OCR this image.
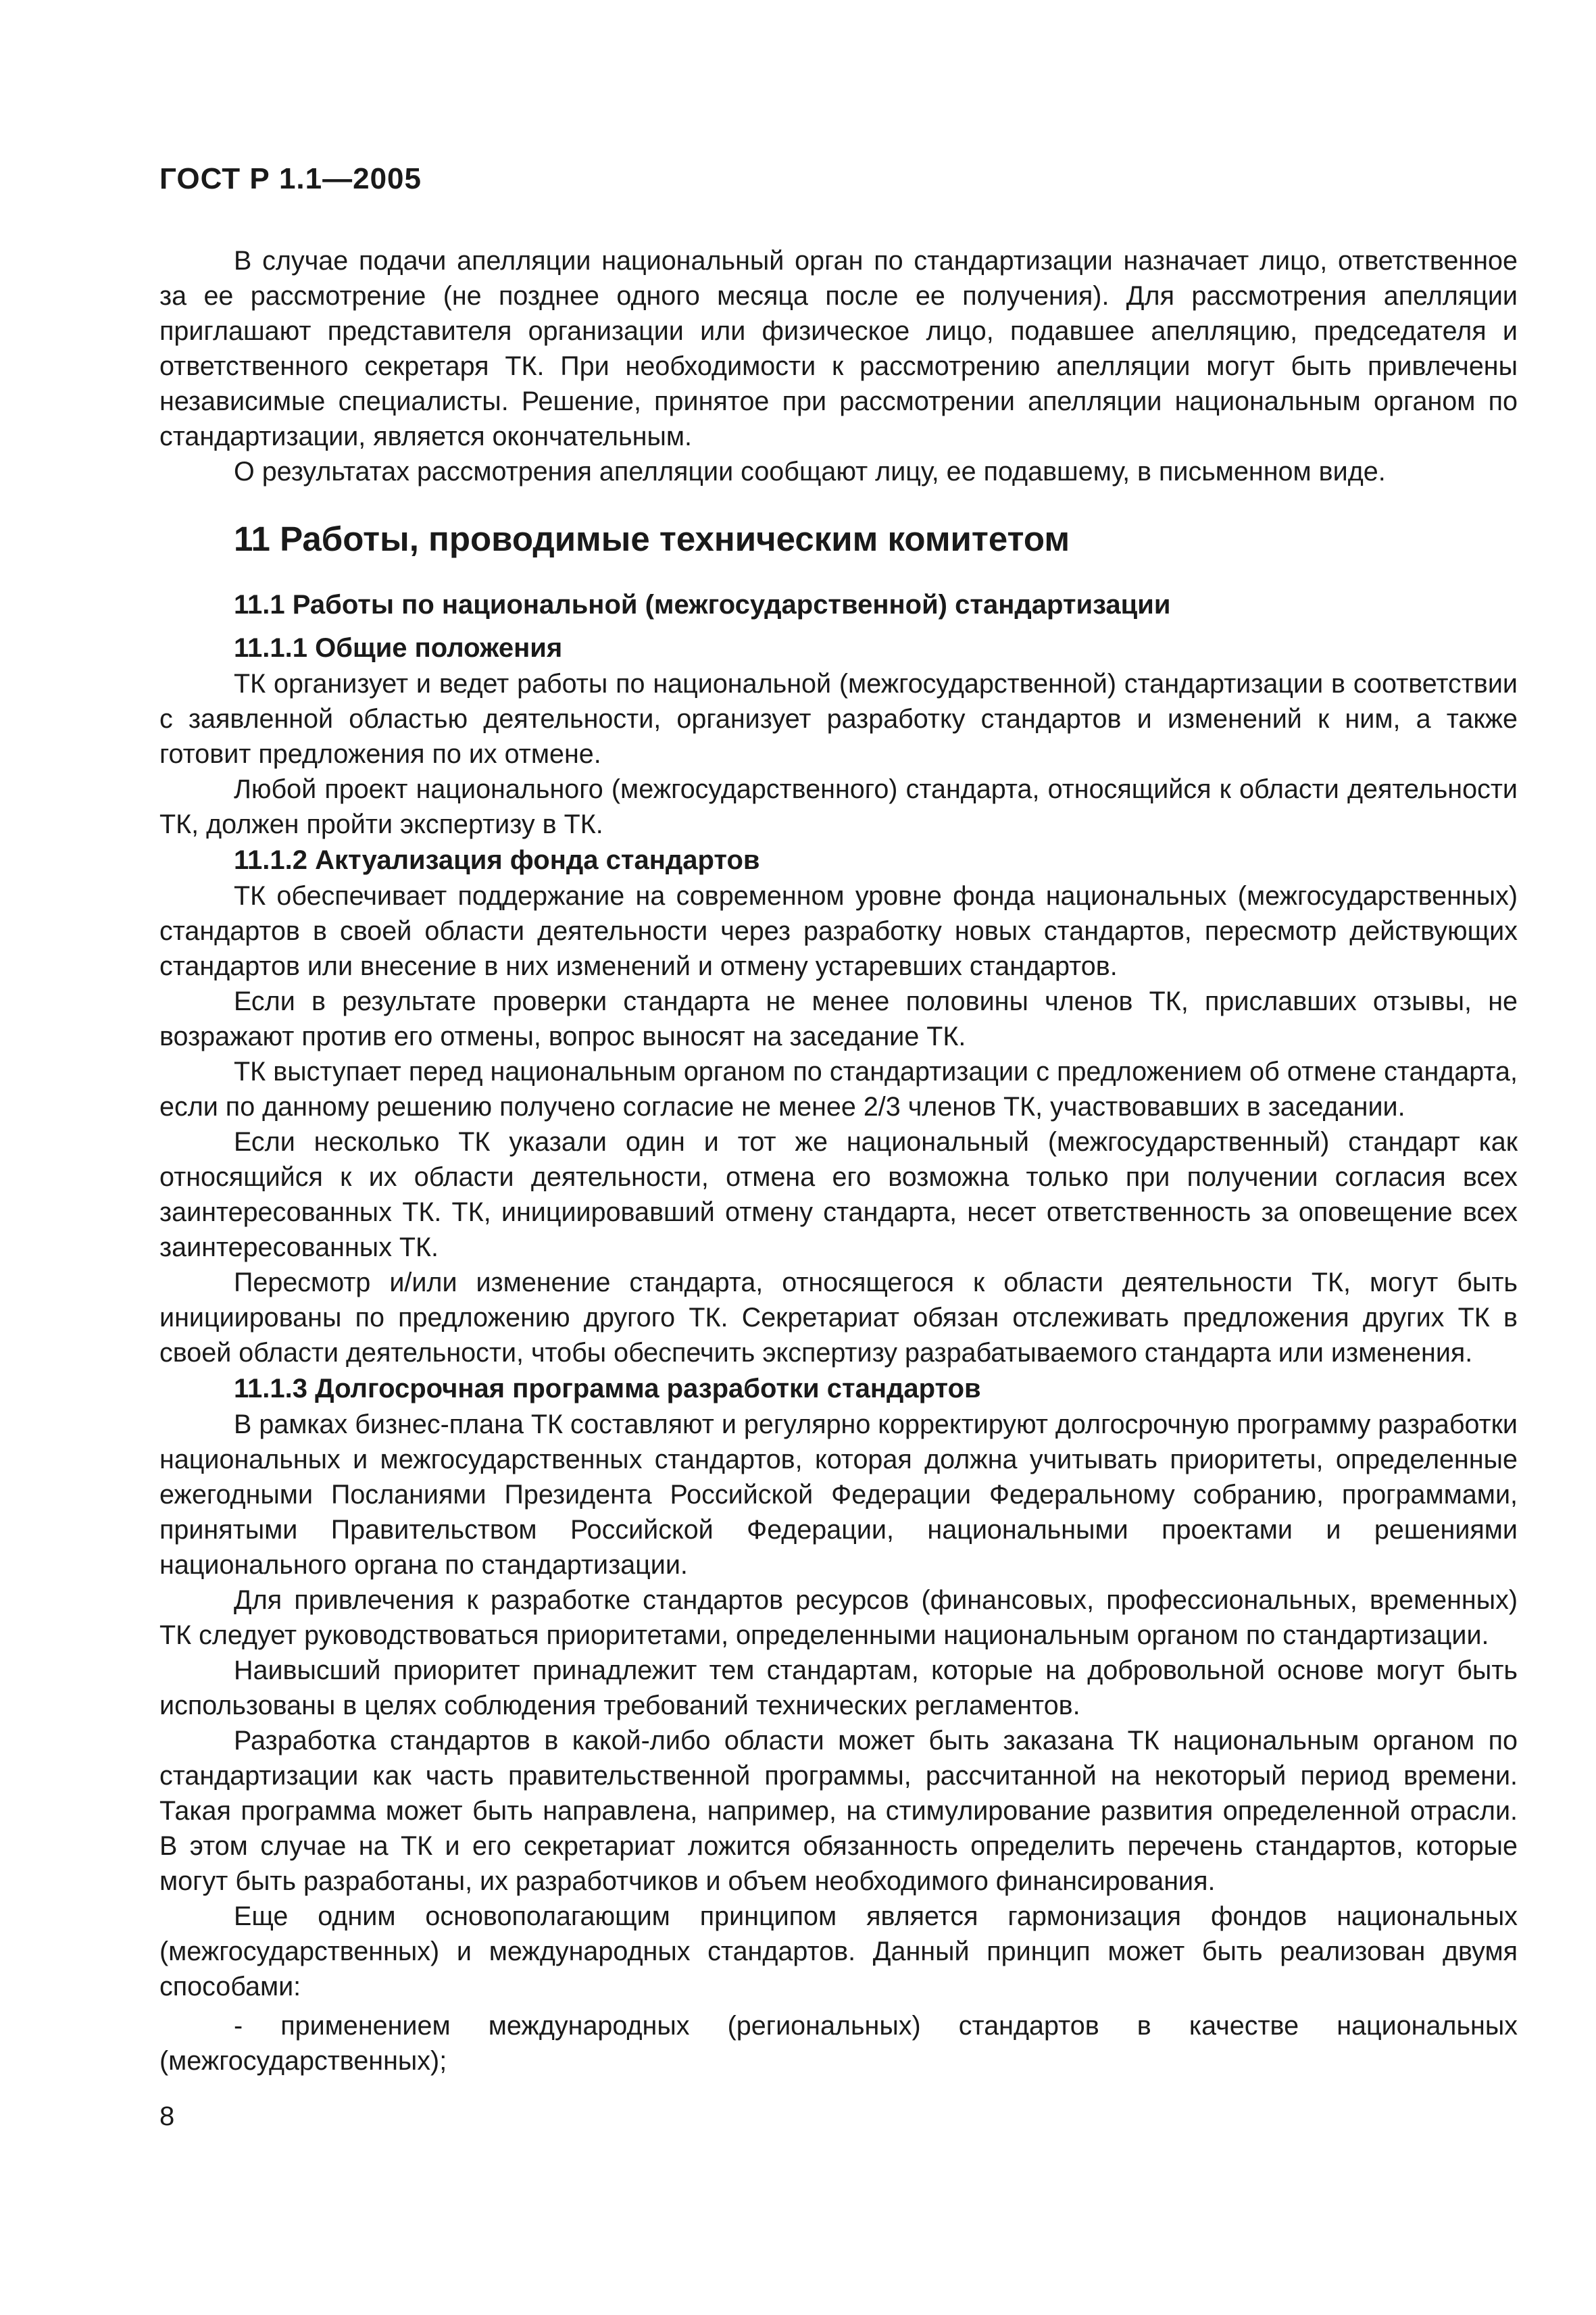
ГОСТ Р 1.1—2005

В случае подачи апелляции национальный орган по стандартизации назначает лицо, ответственное за ее рассмотрение (не позднее одного месяца после ее получения). Для рассмотрения апелляции приглашают представителя организации или физическое лицо, подавшее апелляцию, председателя и ответственного секретаря ТК. При необходимости к рассмотрению апелляции могут быть привлечены независимые специалисты. Решение, принятое при рассмотрении апелляции национальным органом по стандартизации, является окончательным.

О результатах рассмотрения апелляции сообщают лицу, ее подавшему, в письменном виде.

11 Работы, проводимые техническим комитетом
11.1 Работы по национальной (межгосударственной) стандартизации
11.1.1 Общие положения

ТК организует и ведет работы по национальной (межгосударственной) стандартизации в соответствии с заявленной областью деятельности, организует разработку стандартов и изменений к ним, а также готовит предложения по их отмене.

Любой проект национального (межгосударственного) стандарта, относящийся к области деятельности ТК, должен пройти экспертизу в ТК.

11.1.2 Актуализация фонда стандартов

ТК обеспечивает поддержание на современном уровне фонда национальных (межгосударственных) стандартов в своей области деятельности через разработку новых стандартов, пересмотр действующих стандартов или внесение в них изменений и отмену устаревших стандартов.

Если в результате проверки стандарта не менее половины членов ТК, приславших отзывы, не возражают против его отмены, вопрос выносят на заседание ТК.

ТК выступает перед национальным органом по стандартизации с предложением об отмене стандарта, если по данному решению получено согласие не менее 2/3 членов ТК, участвовавших в заседании.

Если несколько ТК указали один и тот же национальный (межгосударственный) стандарт как относящийся к их области деятельности, отмена его возможна только при получении согласия всех заинтересованных ТК. ТК, инициировавший отмену стандарта, несет ответственность за оповещение всех заинтересованных ТК.

Пересмотр и/или изменение стандарта, относящегося к области деятельности ТК, могут быть инициированы по предложению другого ТК. Секретариат обязан отслеживать предложения других ТК в своей области деятельности, чтобы обеспечить экспертизу разрабатываемого стандарта или изменения.

11.1.3 Долгосрочная программа разработки стандартов

В рамках бизнес-плана ТК составляют и регулярно корректируют долгосрочную программу разработки национальных и межгосударственных стандартов, которая должна учитывать приоритеты, определенные ежегодными Посланиями Президента Российской Федерации Федеральному собранию, программами, принятыми Правительством Российской Федерации, национальными проектами и решениями национального органа по стандартизации.

Для привлечения к разработке стандартов ресурсов (финансовых, профессиональных, временных) ТК следует руководствоваться приоритетами, определенными национальным органом по стандартизации.

Наивысший приоритет принадлежит тем стандартам, которые на добровольной основе могут быть использованы в целях соблюдения требований технических регламентов.

Разработка стандартов в какой-либо области может быть заказана ТК национальным органом по стандартизации как часть правительственной программы, рассчитанной на некоторый период времени. Такая программа может быть направлена, например, на стимулирование развития определенной отрасли. В этом случае на ТК и его секретариат ложится обязанность определить перечень стандартов, которые могут быть разработаны, их разработчиков и объем необходимого финансирования.

Еще одним основополагающим принципом является гармонизация фондов национальных (межгосударственных) и международных стандартов. Данный принцип может быть реализован двумя способами:

- применением международных (региональных) стандартов в качестве национальных (межгосударственных);

8
